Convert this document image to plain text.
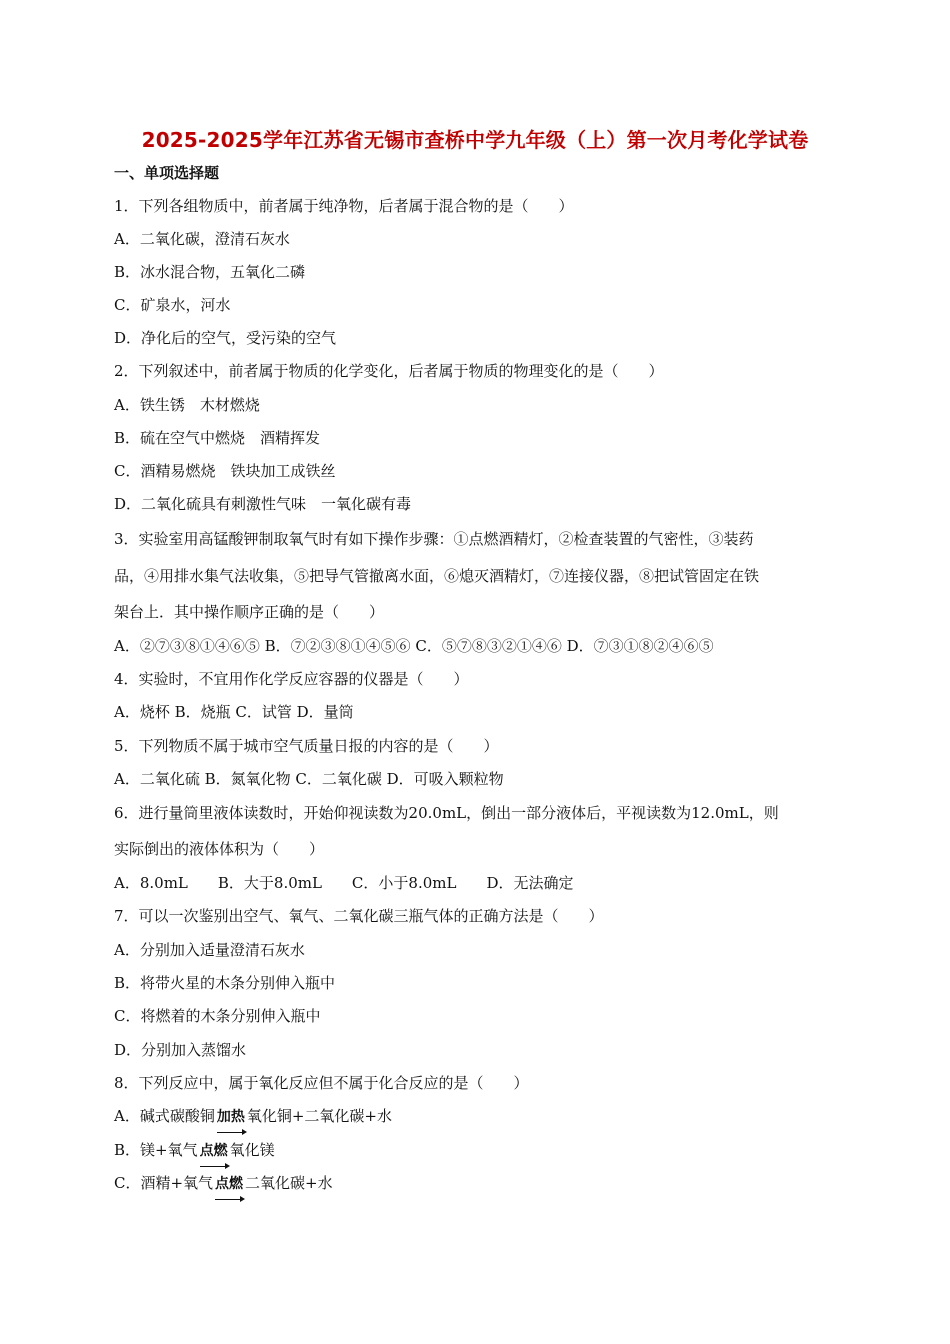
2025-2025学年江苏省无锡市查桥中学九年级（上）第一次月考化学试卷
一、单项选择题
1．下列各组物质中，前者属于纯净物，后者属于混合物的是（　　）
A．二氧化碳，澄清石灰水
B．冰水混合物，五氧化二磷
C．矿泉水，河水
D．净化后的空气，受污染的空气
2．下列叙述中，前者属于物质的化学变化，后者属于物质的物理变化的是（　　）
A．铁生锈　木材燃烧
B．硫在空气中燃烧　酒精挥发
C．酒精易燃烧　铁块加工成铁丝
D．二氧化硫具有刺激性气味　一氧化碳有毒
3．实验室用高锰酸钾制取氧气时有如下操作步骤：①点燃酒精灯，②检查装置的气密性，③装药
品，④用排水集气法收集，⑤把导气管撤离水面，⑥熄灭酒精灯，⑦连接仪器，⑧把试管固定在铁
架台上．其中操作顺序正确的是（　　）
A．②⑦③⑧①④⑥⑤ B．⑦②③⑧①④⑤⑥ C．⑤⑦⑧③②①④⑥ D．⑦③①⑧②④⑥⑤
4．实验时，不宜用作化学反应容器的仪器是（　　）
A．烧杯 B．烧瓶 C．试管 D．量筒
5．下列物质不属于城市空气质量日报的内容的是（　　）
A．二氧化硫 B．氮氧化物 C．二氧化碳 D．可吸入颗粒物
6．进行量筒里液体读数时，开始仰视读数为20.0mL，倒出一部分液体后，平视读数为12.0mL，则
实际倒出的液体体积为（　　）
A．8.0mL　　B．大于8.0mL　　C．小于8.0mL　　D．无法确定
7．可以一次鉴别出空气、氧气、二氧化碳三瓶气体的正确方法是（　　）
A．分别加入适量澄清石灰水
B．将带火星的木条分别伸入瓶中
C．将燃着的木条分别伸入瓶中
D．分别加入蒸馏水
8．下列反应中，属于氧化反应但不属于化合反应的是（　　）
A．碱式碳酸铜 加热 氧化铜+二氧化碳+水
B．镁+氧气 点燃 氧化镁
C．酒精+氧气 点燃 二氧化碳+水
